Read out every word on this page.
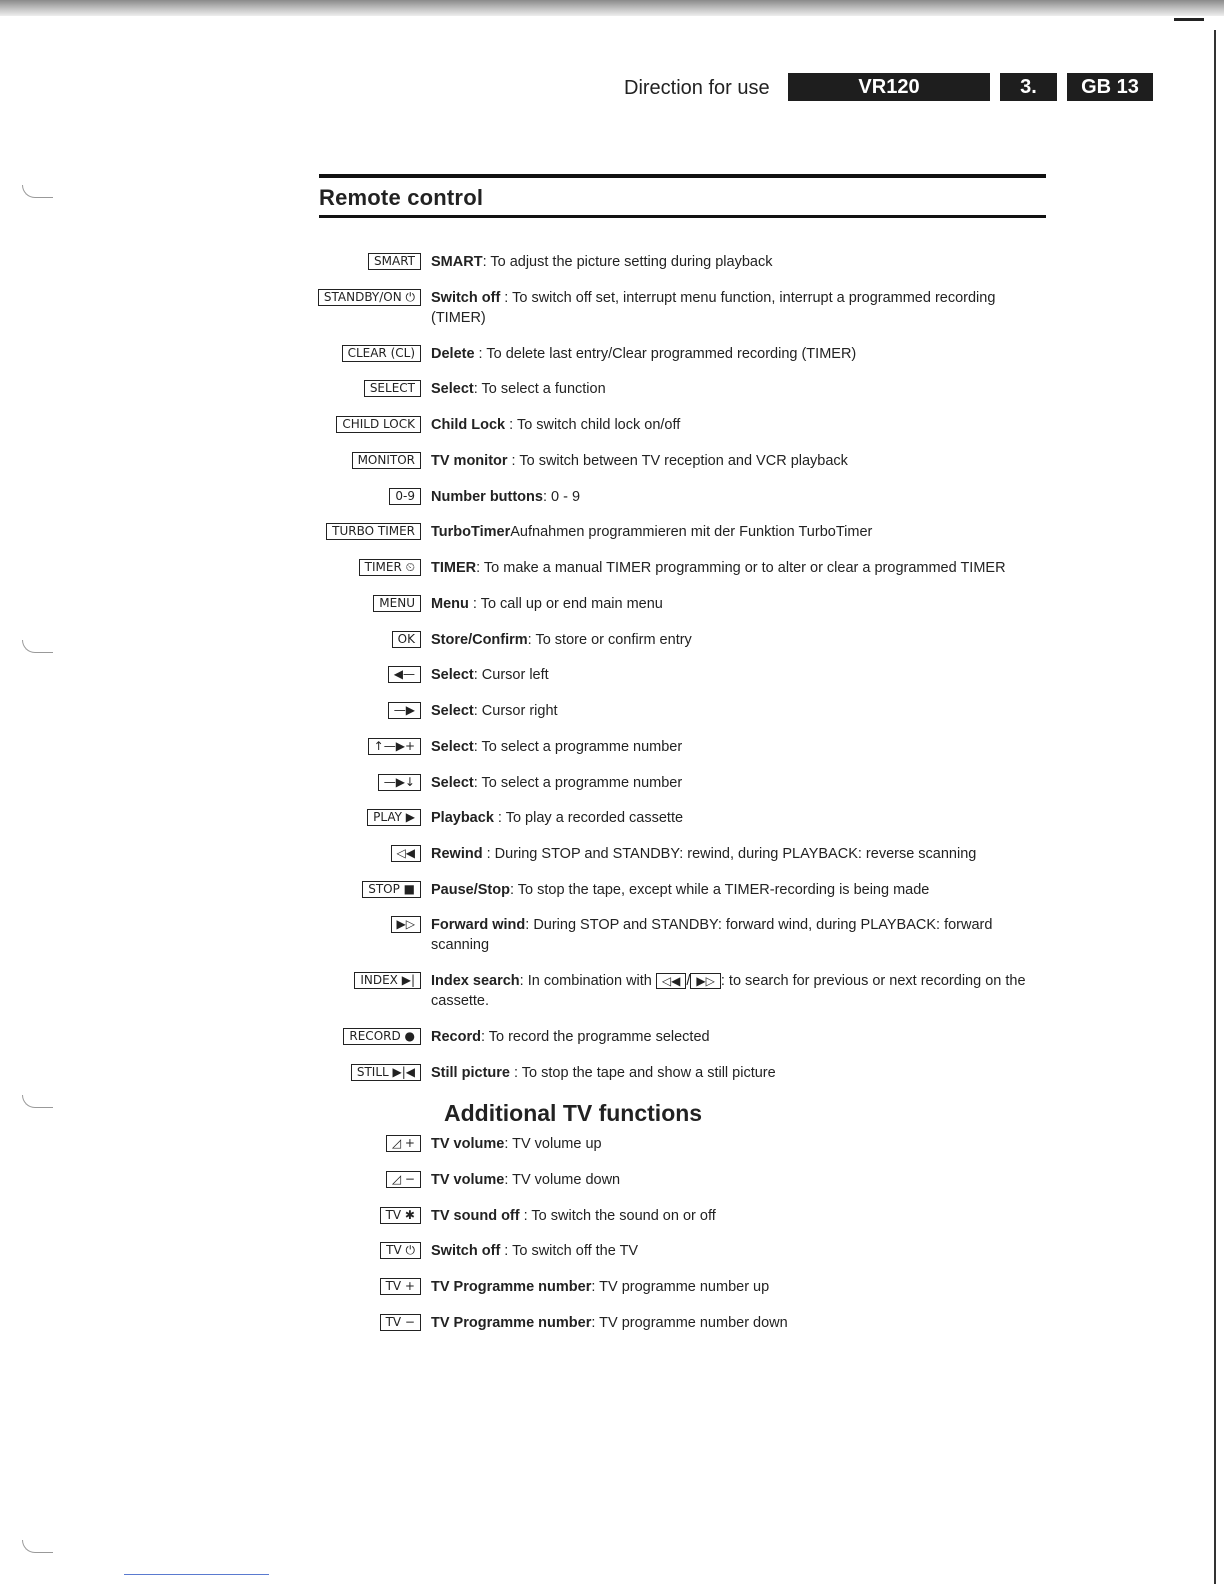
Direction for use	VR120	3.	GB 13
Remote control
SMART	SMART: To adjust the picture setting during playback
STANDBY/ON ⏻	Switch off : To switch off set, interrupt menu function, interrupt a programmed recording (TIMER)
CLEAR (CL)	Delete : To delete last entry/Clear programmed recording (TIMER)
SELECT	Select: To select a function
CHILD LOCK	Child Lock : To switch child lock on/off
MONITOR	TV monitor : To switch between TV reception and VCR playback
0-9	Number buttons: 0 - 9
TURBO TIMER	TurboTimerAufnahmen programmieren mit der Funktion TurboTimer
TIMER ⏲	TIMER: To make a manual TIMER programming or to alter or clear a programmed TIMER
MENU	Menu : To call up or end main menu
OK	Store/Confirm: To store or confirm entry
◀—	Select: Cursor left
—▶	Select: Cursor right
↑—▶+	Select: To select a programme number
—▶↓	Select: To select a programme number
PLAY ▶	Playback : To play a recorded cassette
◁◀	Rewind : During STOP and STANDBY: rewind, during PLAYBACK: reverse scanning
STOP ■	Pause/Stop: To stop the tape, except while a TIMER-recording is being made
▶▷	Forward wind: During STOP and STANDBY: forward wind, during PLAYBACK: forward scanning
INDEX ▶|	Index search: In combination with ◁◀ / ▶▷ : to search for previous or next recording on the cassette.
RECORD ●	Record: To record the programme selected
STILL ▶|◀	Still picture : To stop the tape and show a still picture
Additional TV functions
◿ +	TV volume: TV volume up
◿ −	TV volume: TV volume down
TV ✱	TV sound off : To switch the sound on or off
TV ⏻	Switch off : To switch off the TV
TV +	TV Programme number: TV programme number up
TV −	TV Programme number: TV programme number down
